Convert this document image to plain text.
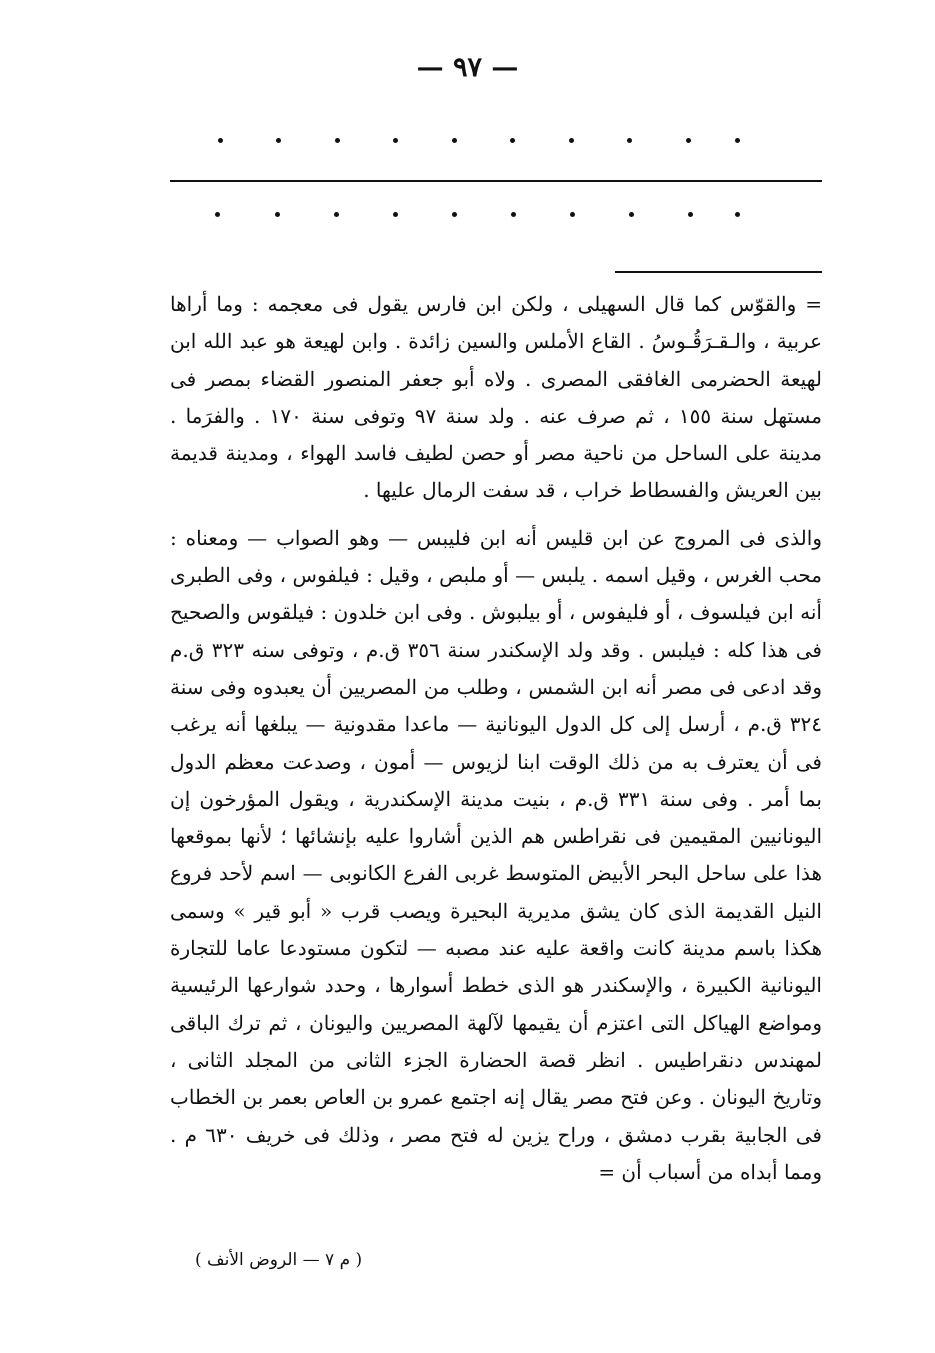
— ٩٧ —

= والقوّس كما قال السهيلى ، ولكن ابن فارس يقول فى معجمه : وما أراها عربية ، والـقـرَقُـوسُ . القاع الأملس والسين زائدة . وابن لهيعة هو عبد الله ابن لهيعة الحضرمى الغافقى المصرى . ولاه أبو جعفر المنصور القضاء بمصر فى مستهل سنة ١٥٥ ، ثم صرف عنه . ولد سنة ٩٧ وتوفى سنة ١٧٠ . والفرَما . مدينة على الساحل من ناحية مصر أو حصن لطيف فاسد الهواء ، ومدينة قديمة بين العريش والفسطاط خراب ، قد سفت الرمال عليها .

والذى فى المروج عن ابن قليس أنه ابن فليبس — وهو الصواب — ومعناه : محب الغرس ، وقيل اسمه . يلبس — أو ملبص ، وقيل : فيلفوس ، وفى الطبرى أنه ابن فيلسوف ، أو فليفوس ، أو بيلبوش . وفى ابن خلدون : فيلقوس والصحيح فى هذا كله : فيلبس . وقد ولد الإسكندر سنة ٣٥٦ ق.م ، وتوفى سنه ٣٢٣ ق.م وقد ادعى فى مصر أنه ابن الشمس ، وطلب من المصريين أن يعبدوه وفى سنة ٣٢٤ ق.م ، أرسل إلى كل الدول اليونانية — ماعدا مقدونية — يبلغها أنه يرغب فى أن يعترف به من ذلك الوقت ابنا لزيوس — أمون ، وصدعت معظم الدول بما أمر . وفى سنة ٣٣١ ق.م ، بنيت مدينة الإسكندرية ، ويقول المؤرخون إن اليونانيين المقيمين فى نقراطس هم الذين أشاروا عليه بإنشائها ؛ لأنها بموقعها هذا على ساحل البحر الأبيض المتوسط غربى الفرع الكانوبى — اسم لأحد فروع النيل القديمة الذى كان يشق مديرية البحيرة ويصب قرب « أبو قير » وسمى هكذا باسم مدينة كانت واقعة عليه عند مصبه — لتكون مستودعا عاما للتجارة اليونانية الكبيرة ، والإسكندر هو الذى خطط أسوارها ، وحدد شوارعها الرئيسية ومواضع الهياكل التى اعتزم أن يقيمها لآلهة المصريين واليونان ، ثم ترك الباقى لمهندس دنقراطيس . انظر قصة الحضارة الجزء الثانى من المجلد الثانى ، وتاريخ اليونان . وعن فتح مصر يقال إنه اجتمع عمرو بن العاص بعمر بن الخطاب فى الجابية بقرب دمشق ، وراح يزين له فتح مصر ، وذلك فى خريف ٦٣٠ م . ومما أبداه من أسباب أن =

( م ٧ — الروض الأنف )
